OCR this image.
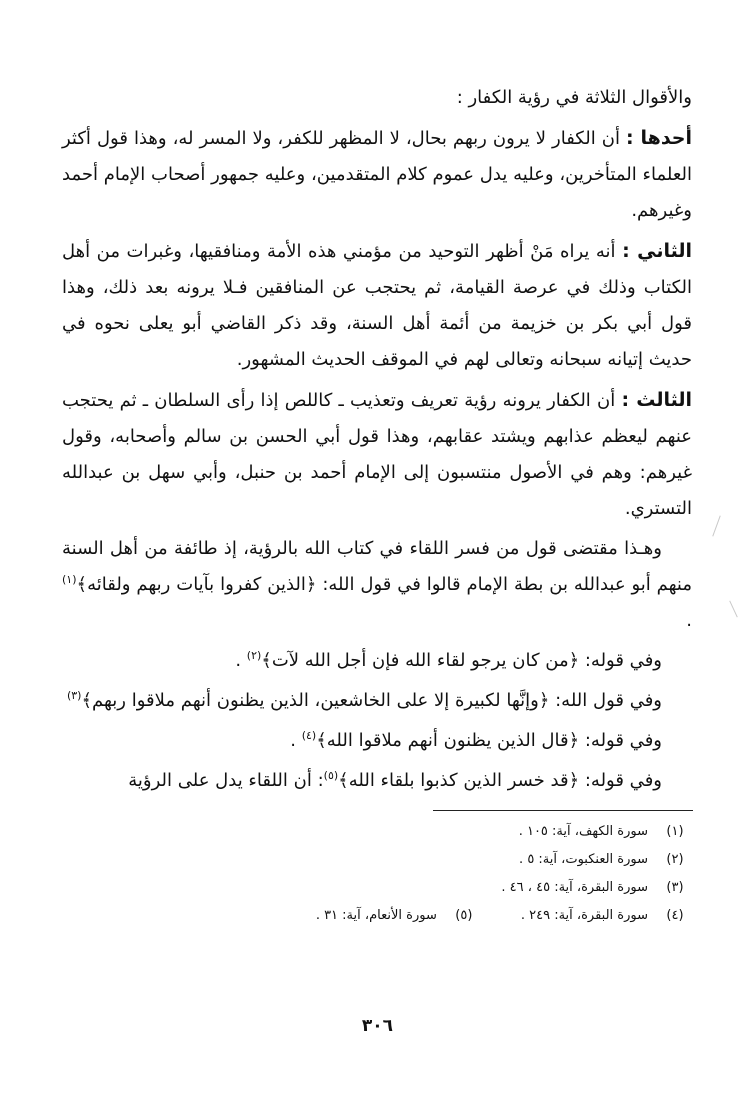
والأقوال الثلاثة في رؤية الكفار :

أحدها : أن الكفار لا يرون ربهم بحال، لا المظهر للكفر، ولا المسر له، وهذا قول أكثر العلماء المتأخرين، وعليه يدل عموم كلام المتقدمين، وعليه جمهور أصحاب الإمام أحمد وغيرهم.

الثاني : أنه يراه مَنْ أظهر التوحيد من مؤمني هذه الأمة ومنافقيها، وغبرات من أهل الكتاب وذلك في عرصة القيامة، ثم يحتجب عن المنافقين فـلا يرونه بعد ذلك، وهذا قول أبي بكر بن خزيمة من أئمة أهل السنة، وقد ذكر القاضي أبو يعلى نحوه في حديث إتيانه سبحانه وتعالى لهم في الموقف الحديث المشهور.

الثالث : أن الكفار يرونه رؤية تعريف وتعذيب ـ كاللص إذا رأى السلطان ـ ثم يحتجب عنهم ليعظم عذابهم ويشتد عقابهم، وهذا قول أبي الحسن بن سالم وأصحابه، وقول غيرهم: وهم في الأصول منتسبون إلى الإمام أحمد بن حنبل، وأبي سهل بن عبدالله التستري.

وهـذا مقتضى قول من فسر اللقاء في كتاب الله بالرؤية، إذ طائفة من أهل السنة منهم أبو عبدالله بن بطة الإمام قالوا في قول الله: ﴿الذين كفروا بآيات ربهم ولقائه﴾$^{(١)}$ .

وفي قوله: ﴿من كان يرجو لقاء الله فإن أجل الله لآت﴾$^{(٢)}$ .

وفي قول الله: ﴿وإنَّها لكبيرة إلا على الخاشعين، الذين يظنون أنهم ملاقوا ربهم﴾$^{(٣)}$

وفي قوله: ﴿قال الذين يظنون أنهم ملاقوا الله﴾$^{(٤)}$ .

وفي قوله: ﴿قد خسر الذين كذبوا بلقاء الله﴾$^{(٥)}$: أن اللقاء يدل على الرؤية

(١)
سورة الكهف، آية: ١٠٥ .
(٢)
سورة العنكبوت، آية: ٥ .
(٣)
سورة البقرة، آية: ٤٥ ، ٤٦ .
(٤)
سورة البقرة، آية: ٢٤٩ .
(٥)
سورة الأنعام، آية: ٣١ .
٣٠٦
